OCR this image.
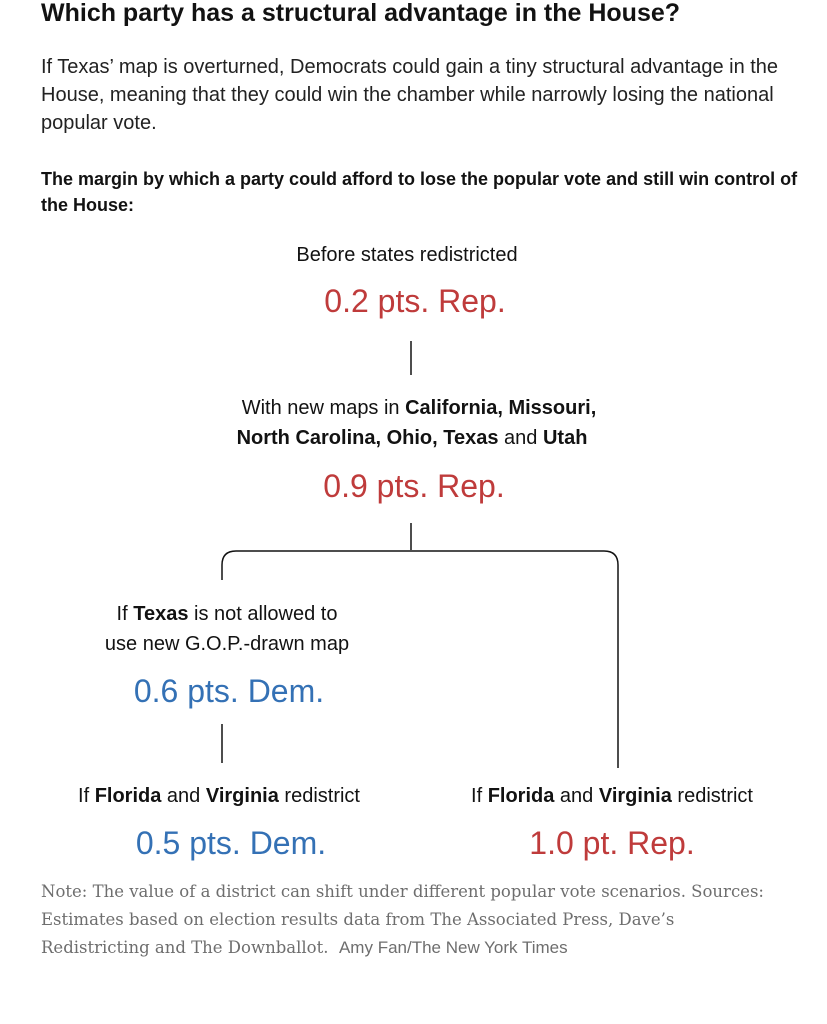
Which party has a structural advantage in the House?

If Texas’ map is overturned, Democrats could gain a tiny structural advantage in the House, meaning that they could win the chamber while narrowly losing the national popular vote.

The margin by which a party could afford to lose the popular vote and still win control of the House:

Before states redistricted
0.2 pts. Rep.
With new maps in California, Missouri,
North Carolina, Ohio, Texas and Utah
0.9 pts. Rep.
If Texas is not allowed to
use new G.O.P.-drawn map
0.6 pts. Dem.
If Florida and Virginia redistrict
0.5 pts. Dem.
If Florida and Virginia redistrict
1.0 pt. Rep.

Note: The value of a district can shift under different popular vote scenarios. Sources: Estimates based on election results data from The Associated Press, Dave’s Redistricting and The Downballot. Amy Fan/The New York Times
